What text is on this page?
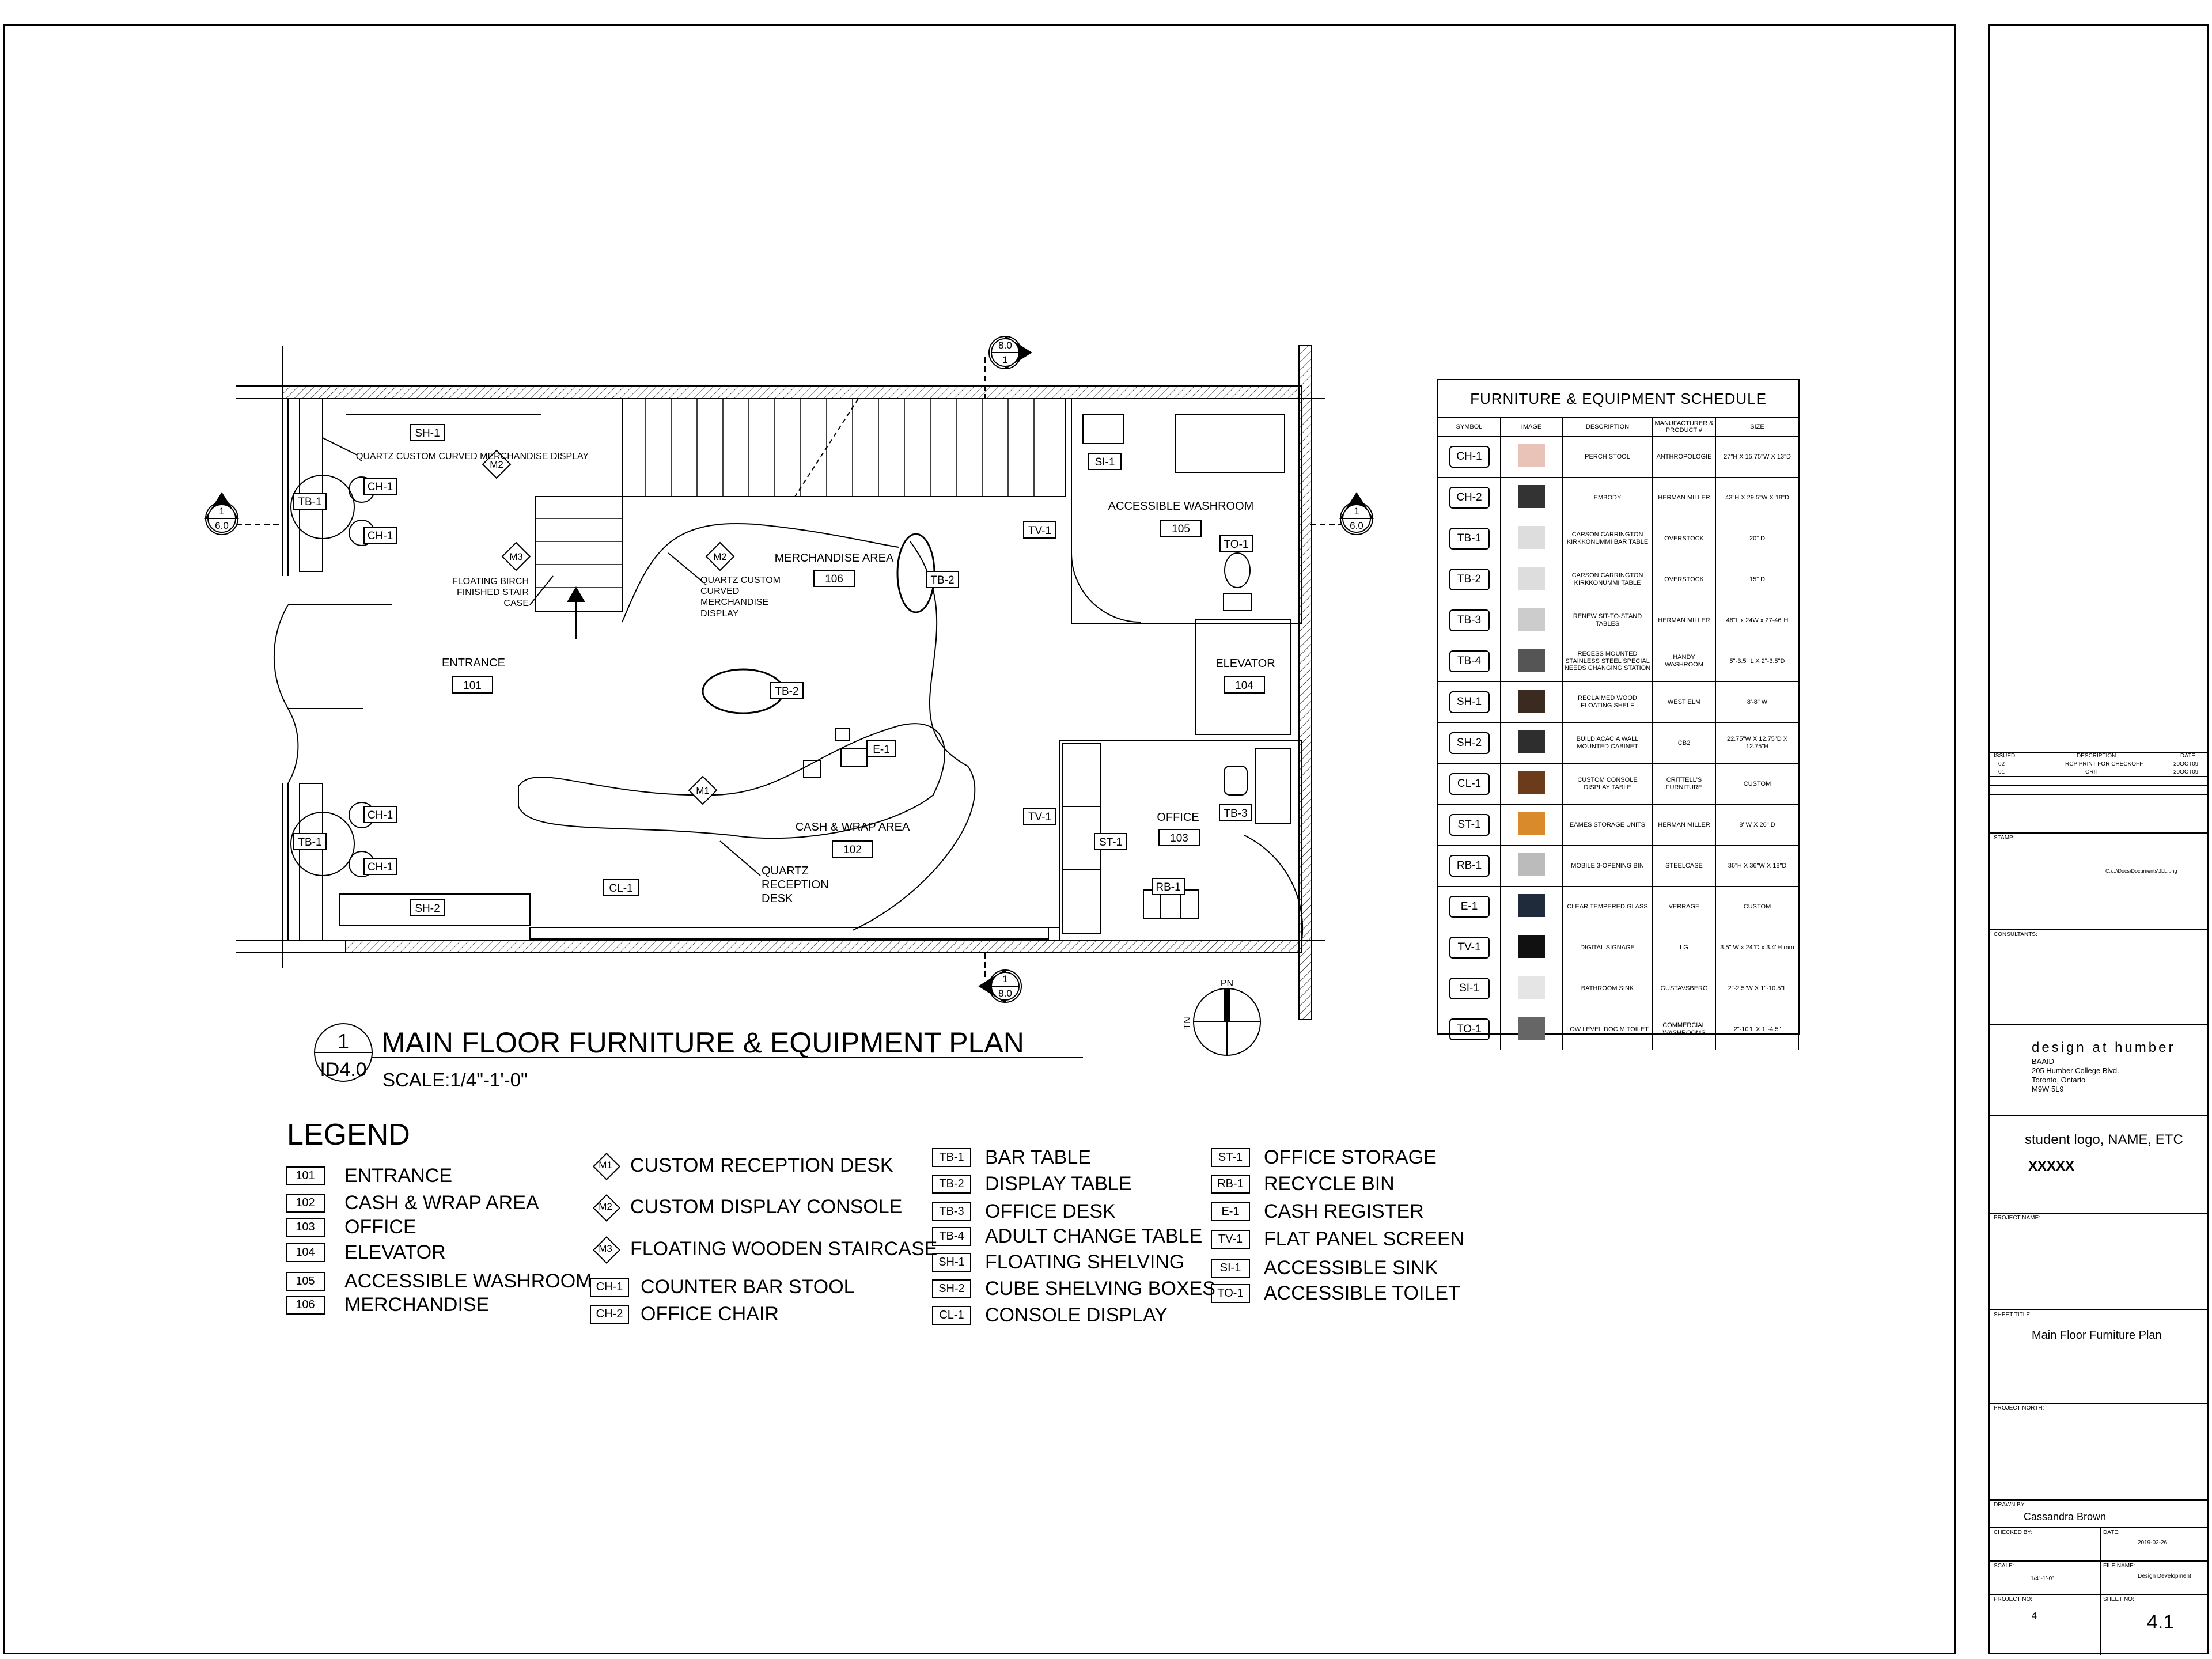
ENTRANCE
CASH & WRAP AREA
OFFICE
ELEVATOR
ACCESSIBLE WASHROOM
MERCHANDISE AREA
101
102
103
104
105
106
SH-1
SH-2
CL-1
TB-1
TB-1
TB-2
TB-2
TB-3
CH-1
CH-1
CH-1
CH-1
TV-1
TV-1
SI-1
TO-1
E-1
ST-1
RB-1
M2
M3	M2
M1
QUARTZ CUSTOM CURVED MERCHANDISE DISPLAY
FLOATING BIRCH FINISHED STAIR CASE
QUARTZ CUSTOM CURVED MERCHANDISE DISPLAY
QUARTZ RECEPTION DESK
8.0
1
1
8.0
1
6.0
1
6.0
PN
TN
1
ID4.0
MAIN FLOOR FURNITURE & EQUIPMENT PLAN
SCALE:1/4"-1'-0"
LEGEND
101	ENTRANCE
102	CASH & WRAP AREA
103	OFFICE
104	ELEVATOR
105	ACCESSIBLE WASHROOM
106	MERCHANDISE
M1 CUSTOM RECEPTION DESK
M2 CUSTOM DISPLAY CONSOLE
M3 FLOATING WOODEN STAIRCASE
CH-1 COUNTER BAR STOOL
CH-2 OFFICE CHAIR
TB-1	BAR TABLE
TB-2	DISPLAY TABLE
TB-3	OFFICE DESK
TB-4	ADULT CHANGE TABLE
SH-1	FLOATING SHELVING
SH-2	CUBE SHELVING BOXES
CL-1	CONSOLE DISPLAY
ST-1	OFFICE STORAGE
RB-1	RECYCLE BIN
E-1	CASH REGISTER
TV-1	FLAT PANEL SCREEN
SI-1	ACCESSIBLE SINK
TO-1	ACCESSIBLE TOILET
FURNITURE & EQUIPMENT SCHEDULE				
SYMBOL	IMAGE	DESCRIPTION	MANUFACTURER & PRODUCT #	SIZE
CH-1		PERCH STOOL	ANTHROPOLOGIE	27"H X 15.75"W X 13"D
CH-2		EMBODY	HERMAN MILLER	43"H X 29.5"W X 18"D
TB-1		CARSON CARRINGTON KIRKKONUMMI BAR TABLE	OVERSTOCK	20" D
TB-2		CARSON CARRINGTON KIRKKONUMMI TABLE	OVERSTOCK	15" D
TB-3		RENEW SIT-TO-STAND TABLES	HERMAN MILLER	48"L x 24W x 27-46"H
TB-4		RECESS MOUNTED STAINLESS STEEL SPECIAL NEEDS CHANGING STATION	HANDY WASHROOM	5"-3.5" L X 2"-3.5"D
SH-1		RECLAIMED WOOD FLOATING SHELF	WEST ELM	8'-8" W
SH-2		BUILD ACACIA WALL MOUNTED CABINET	CB2	22.75"W X 12.75"D X 12.75"H
CL-1		CUSTOM CONSOLE DISPLAY TABLE	CRITTELL'S FURNITURE	CUSTOM
ST-1		EAMES STORAGE UNITS	HERMAN MILLER	8' W X 26" D
RB-1		MOBILE 3-OPENING BIN	STEELCASE	36"H X 36"W X 18"D
E-1		CLEAR TEMPERED GLASS	VERRAGE	CUSTOM
TV-1		DIGITAL SIGNAGE	LG	3.5" W x 24"D x 3.4"H mm
SI-1		BATHROOM SINK	GUSTAVSBERG	2"-2.5"W X 1"-10.5"L
TO-1		LOW LEVEL DOC M TOILET	COMMERCIAL WASHROOMS	2"-10"L X 1"-4.5"
ISSUED	DESCRIPTION	DATE
02	RCP PRINT FOR CHECKOFF	20OCT09
01	CRIT	20OCT09
STAMP:
C:\...\Docs\Documents\JLL.png
CONSULTANTS:
design at humber
BAAID
205 Humber College Blvd.
Toronto, Ontario
M9W 5L9
student logo, NAME, ETC
XXXXX
PROJECT NAME:
SHEET TITLE:
Main Floor Furniture Plan
PROJECT NORTH:
DRAWN BY:
Cassandra Brown
CHECKED BY:	DATE:
2019-02-26
SCALE:
1/4"-1'-0"
FILE NAME:
Design Development
PROJECT NO:
4
SHEET NO:
4.1
